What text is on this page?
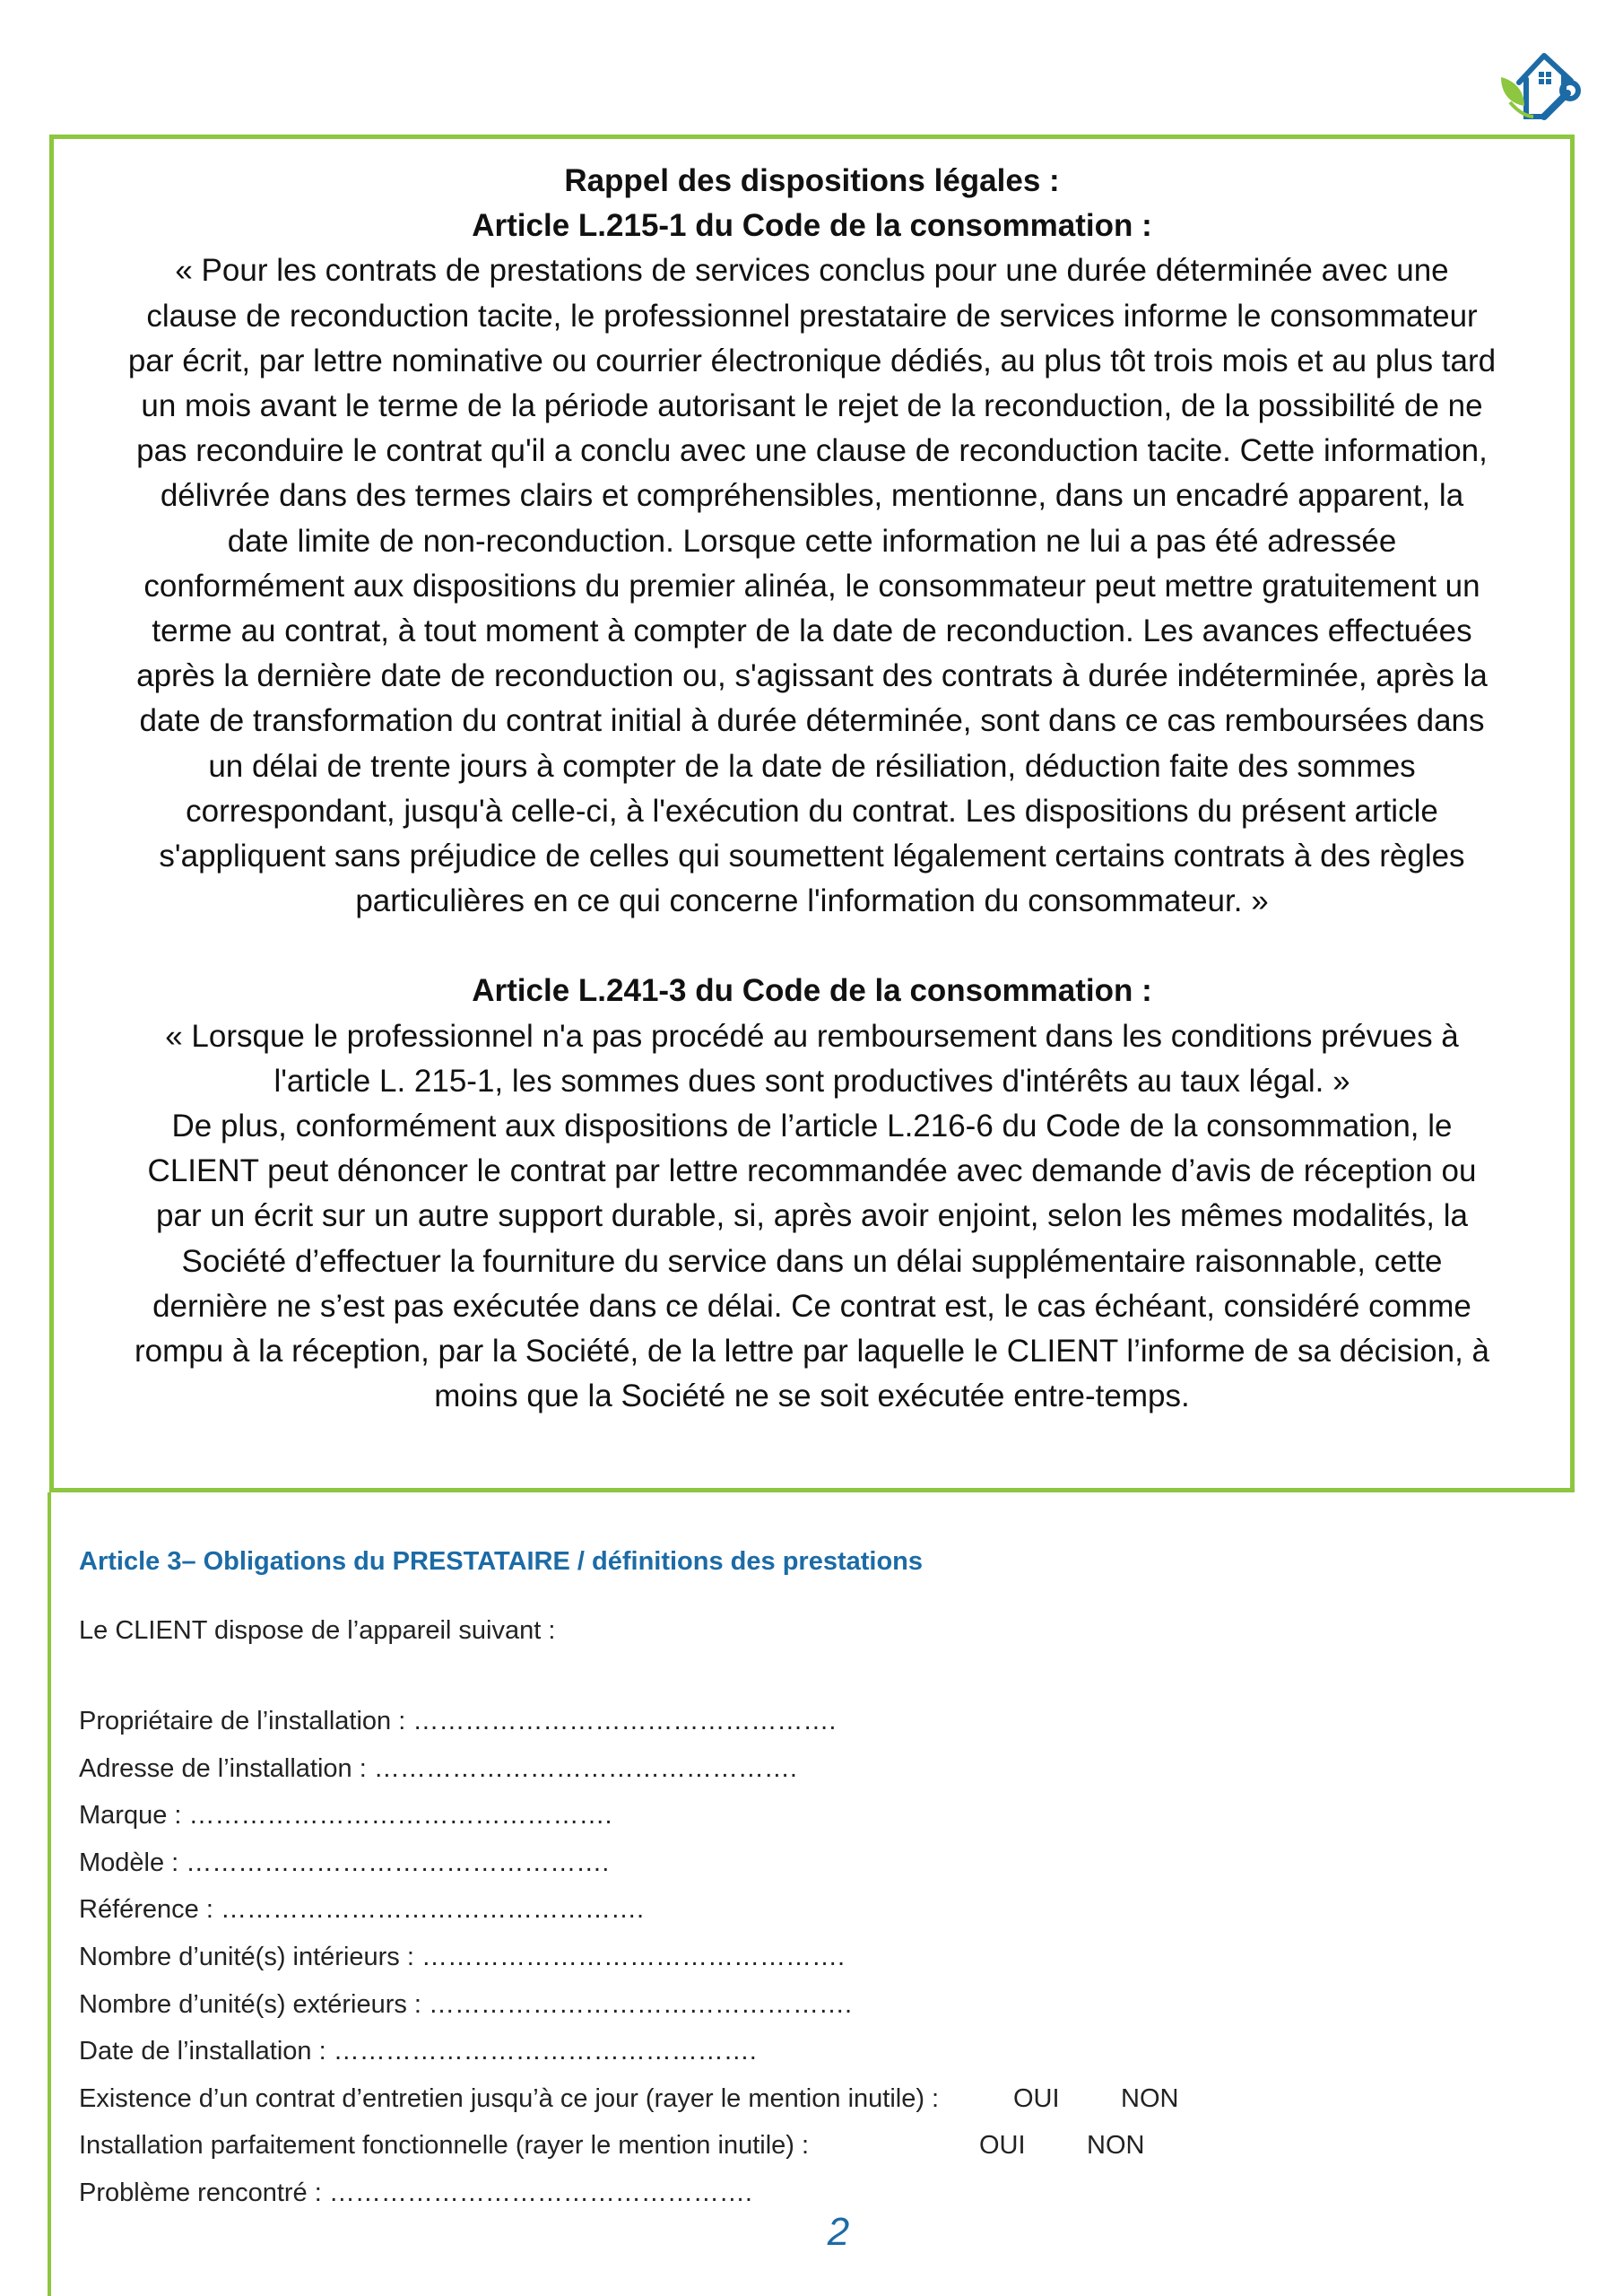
Rappel des dispositions légales :

Article L.215-1 du Code de la consommation :

« Pour les contrats de prestations de services conclus pour une durée déterminée avec une clause de reconduction tacite, le professionnel prestataire de services informe le consommateur par écrit, par lettre nominative ou courrier électronique dédiés, au plus tôt trois mois et au plus tard un mois avant le terme de la période autorisant le rejet de la reconduction, de la possibilité de ne pas reconduire le contrat qu'il a conclu avec une clause de reconduction tacite. Cette information, délivrée dans des termes clairs et compréhensibles, mentionne, dans un encadré apparent, la date limite de non-reconduction. Lorsque cette information ne lui a pas été adressée conformément aux dispositions du premier alinéa, le consommateur peut mettre gratuitement un terme au contrat, à tout moment à compter de la date de reconduction. Les avances effectuées après la dernière date de reconduction ou, s'agissant des contrats à durée indéterminée, après la date de transformation du contrat initial à durée déterminée, sont dans ce cas remboursées dans un délai de trente jours à compter de la date de résiliation, déduction faite des sommes correspondant, jusqu'à celle-ci, à l'exécution du contrat. Les dispositions du présent article s'appliquent sans préjudice de celles qui soumettent légalement certains contrats à des règles particulières en ce qui concerne l'information du consommateur. »

Article L.241-3 du Code de la consommation :

« Lorsque le professionnel n'a pas procédé au remboursement dans les conditions prévues à l'article L. 215-1, les sommes dues sont productives d'intérêts au taux légal. »

De plus, conformément aux dispositions de l’article L.216-6 du Code de la consommation, le CLIENT peut dénoncer le contrat par lettre recommandée avec demande d’avis de réception ou par un écrit sur un autre support durable, si, après avoir enjoint, selon les mêmes modalités, la Société d’effectuer la fourniture du service dans un délai supplémentaire raisonnable, cette dernière ne s’est pas exécutée dans ce délai. Ce contrat est, le cas échéant, considéré comme rompu à la réception, par la Société, de la lettre par laquelle le CLIENT l’informe de sa décision, à moins que la Société ne se soit exécutée entre-temps.

Article 3– Obligations du PRESTATAIRE / définitions des prestations

Le CLIENT dispose de l’appareil suivant :

Propriétaire de l’installation : ………………………………………….
Adresse de l’installation : ………………………………………….
Marque : ………………………………………….
Modèle : ………………………………………….
Référence : ………………………………………….
Nombre d’unité(s) intérieurs : ………………………………………….
Nombre d’unité(s) extérieurs : ………………………………………….
Date de l’installation : ………………………………………….
Existence d’un contrat d’entretien jusqu’à ce jour (rayer le mention inutile) :	OUI NON
Installation parfaitement fonctionnelle (rayer le mention inutile) :	OUI NON
Problème rencontré : ………………………………………….
2
